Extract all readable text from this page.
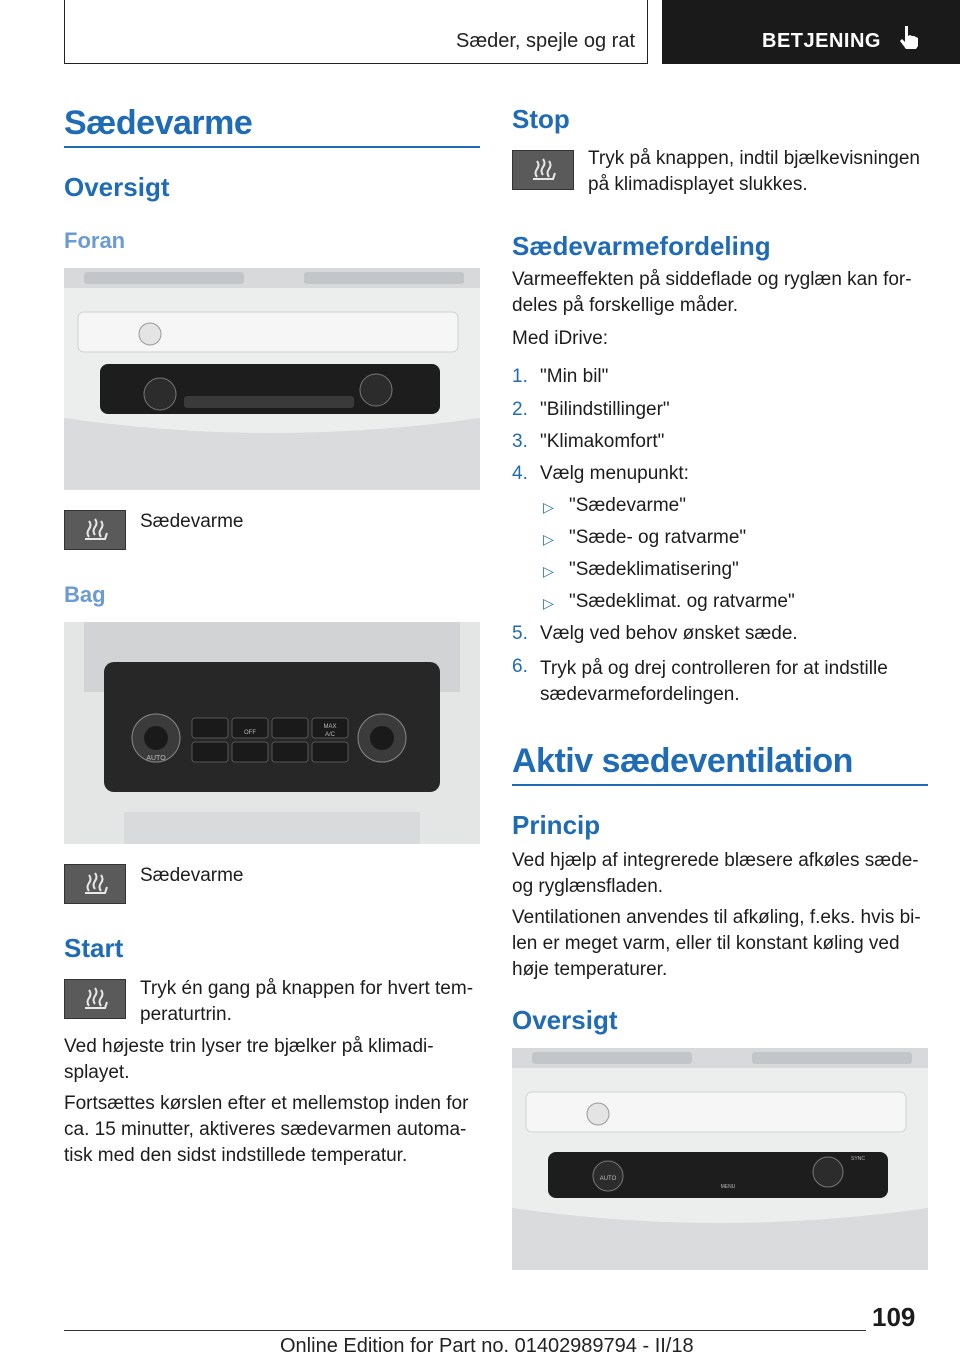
Sæder, spejle og rat	BETJENING
Sædevarme
Oversigt
Foran
Sædevarme
Bag
AUTO
OFF
MAX
A/C
Sædevarme
Start
Tryk én gang på knappen for hvert tem-
peraturtrin.
Ved højeste trin lyser tre bjælker på klimadi-
splayet.
Fortsættes kørslen efter et mellemstop inden for
ca. 15 minutter, aktiveres sædevarmen automa-
tisk med den sidst indstillede temperatur.
Stop
Tryk på knappen, indtil bjælkevisningen
på klimadisplayet slukkes.
Sædevarmefordeling
Varmeeffekten på siddeflade og ryglæn kan for-
deles på forskellige måder.
Med iDrive:
1. "Min bil"
2. "Bilindstillinger"
3. "Klimakomfort"
4. Vælg menupunkt:
▷ "Sædevarme"
▷ "Sæde- og ratvarme"
▷ "Sædeklimatisering"
▷ "Sædeklimat. og ratvarme"
5. Vælg ved behov ønsket sæde.
6. Tryk på og drej controlleren for at indstille
sædevarmefordelingen.
Aktiv sædeventilation
Princip
Ved hjælp af integrerede blæsere afkøles sæde-
og ryglænsfladen.
Ventilationen anvendes til afkøling, f.eks. hvis bi-
len er meget varm, eller til konstant køling ved
høje temperaturer.
Oversigt
AUTO
MENU
SYNC
109
Online Edition for Part no. 01402989794 - II/18
